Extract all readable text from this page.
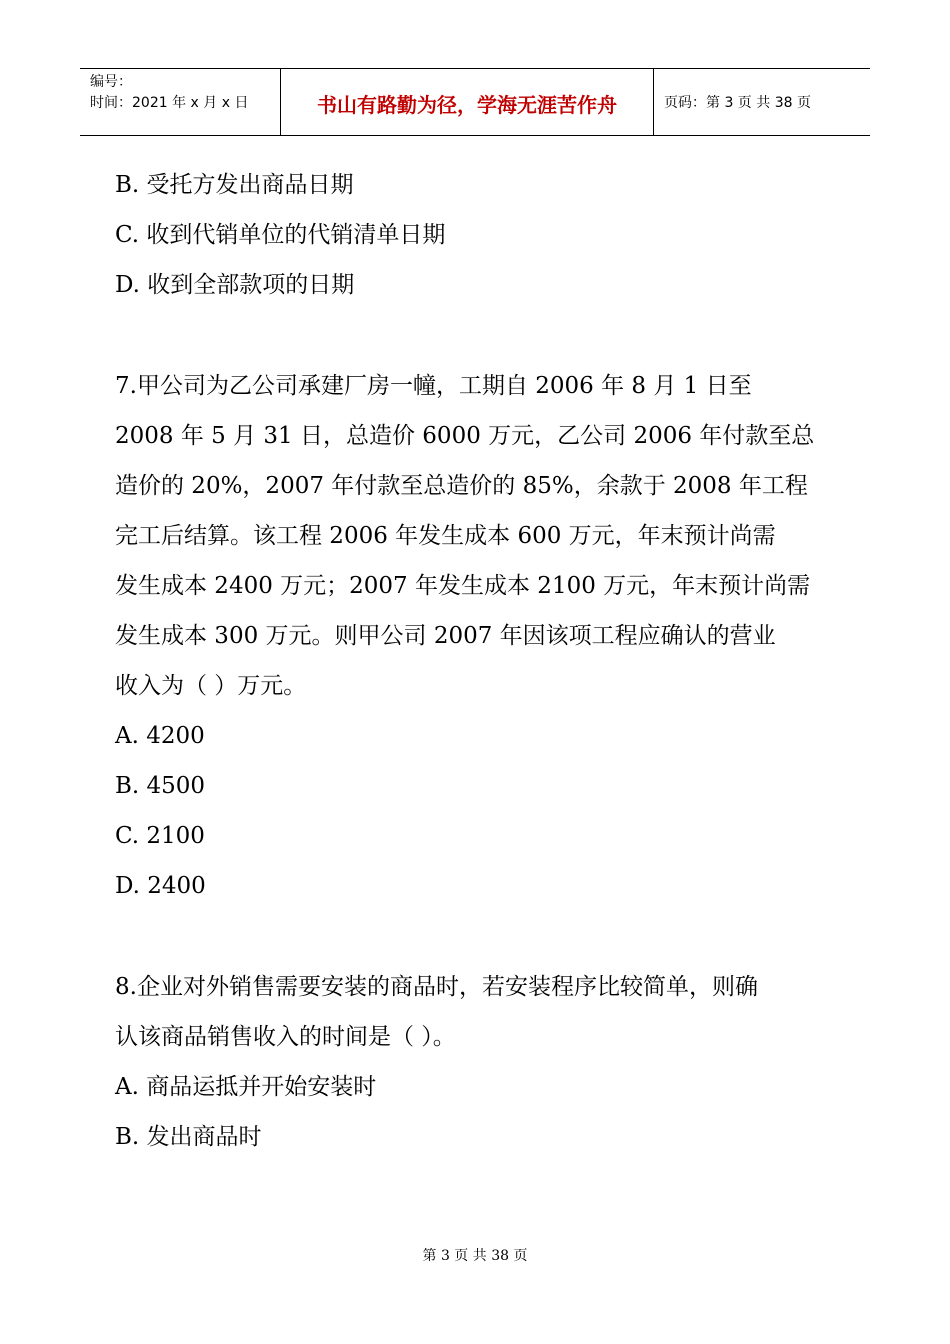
编号：
时间：2021 年 x 月 x 日	书山有路勤为径，学海无涯苦作舟	页码：第 3 页 共 38 页
B. 受托方发出商品日期
C. 收到代销单位的代销清单日期
D. 收到全部款项的日期
7.甲公司为乙公司承建厂房一幢，工期自 2006 年 8 月 1 日至
2008 年 5 月 31 日，总造价 6000 万元，乙公司 2006 年付款至总
造价的 20%，2007 年付款至总造价的 85%，余款于 2008 年工程
完工后结算。该工程 2006 年发生成本 600 万元，年末预计尚需
发生成本 2400 万元；2007 年发生成本 2100 万元，年末预计尚需
发生成本 300 万元。则甲公司 2007 年因该项工程应确认的营业
收入为（ ）万元。
A. 4200
B. 4500
C. 2100
D. 2400
8.企业对外销售需要安装的商品时，若安装程序比较简单，则确
认该商品销售收入的时间是（ ）。
A. 商品运抵并开始安装时
B. 发出商品时
第 3 页 共 38 页
